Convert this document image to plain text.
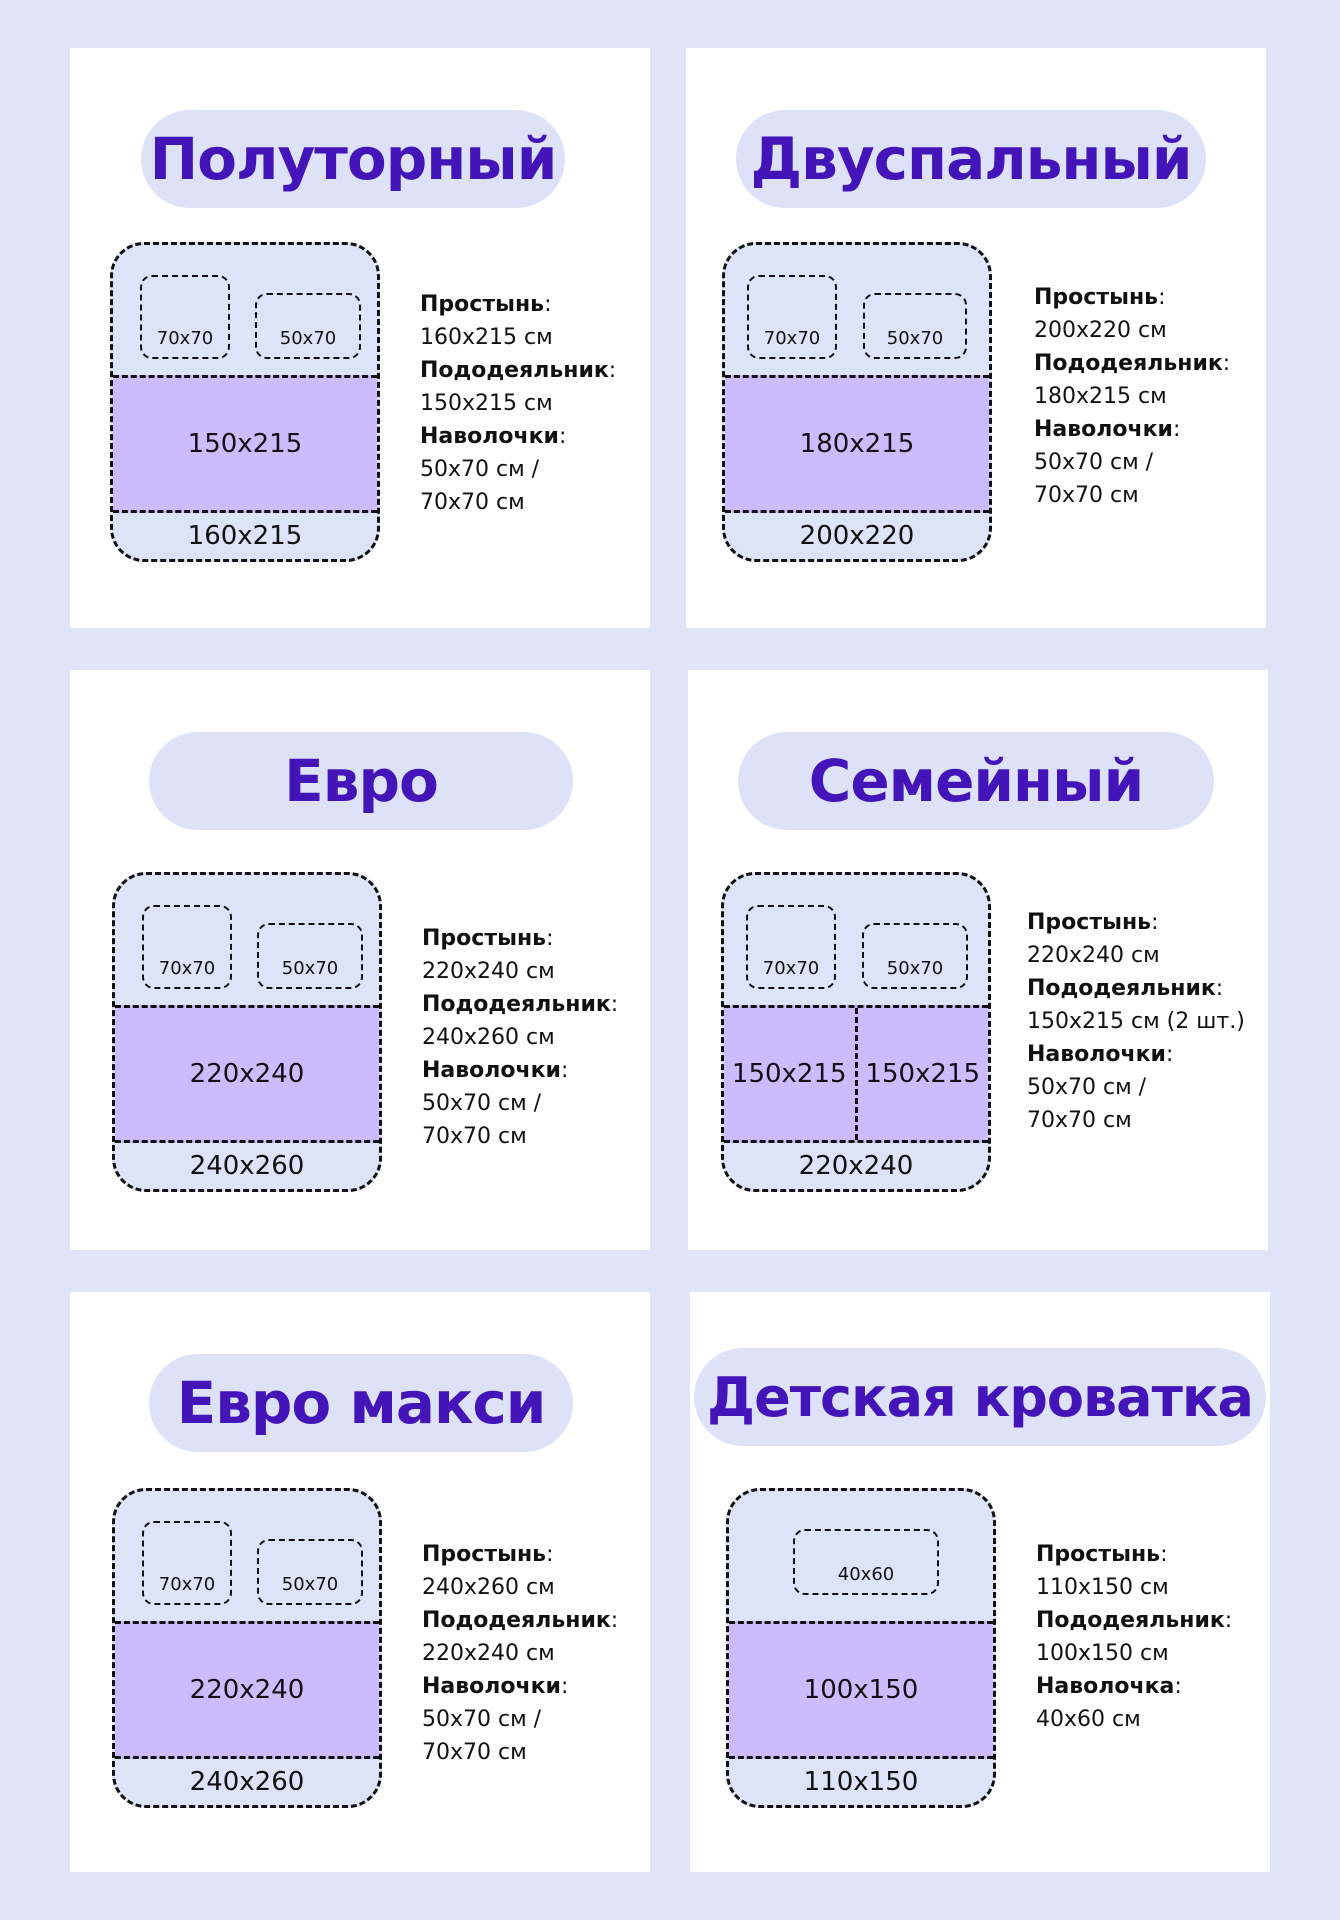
Полуторный
70х70	50х70
150х215
160х215
Простынь:
160х215 см
Пододеяльник:
150х215 см
Наволочки:
50х70 см /
70х70 см
Двуспальный
70х70	50х70
180х215
200х220
Простынь:
200х220 см
Пододеяльник:
180х215 см
Наволочки:
50х70 см /
70х70 см
Евро
70х70	50х70
220х240
240х260
Простынь:
220х240 см
Пододеяльник:
240х260 см
Наволочки:
50х70 см /
70х70 см
Семейный
70х70	50х70
150х215 150х215
220х240
Простынь:
220х240 см
Пододеяльник:
150х215 см (2 шт.)
Наволочки:
50х70 см /
70х70 см
Евро макси
70х70	50х70
220х240
240х260
Простынь:
240х260 см
Пододеяльник:
220х240 см
Наволочки:
50х70 см /
70х70 см
Детская кроватка
40х60
100х150
110х150
Простынь:
110х150 см
Пододеяльник:
100х150 см
Наволочка:
40х60 см
